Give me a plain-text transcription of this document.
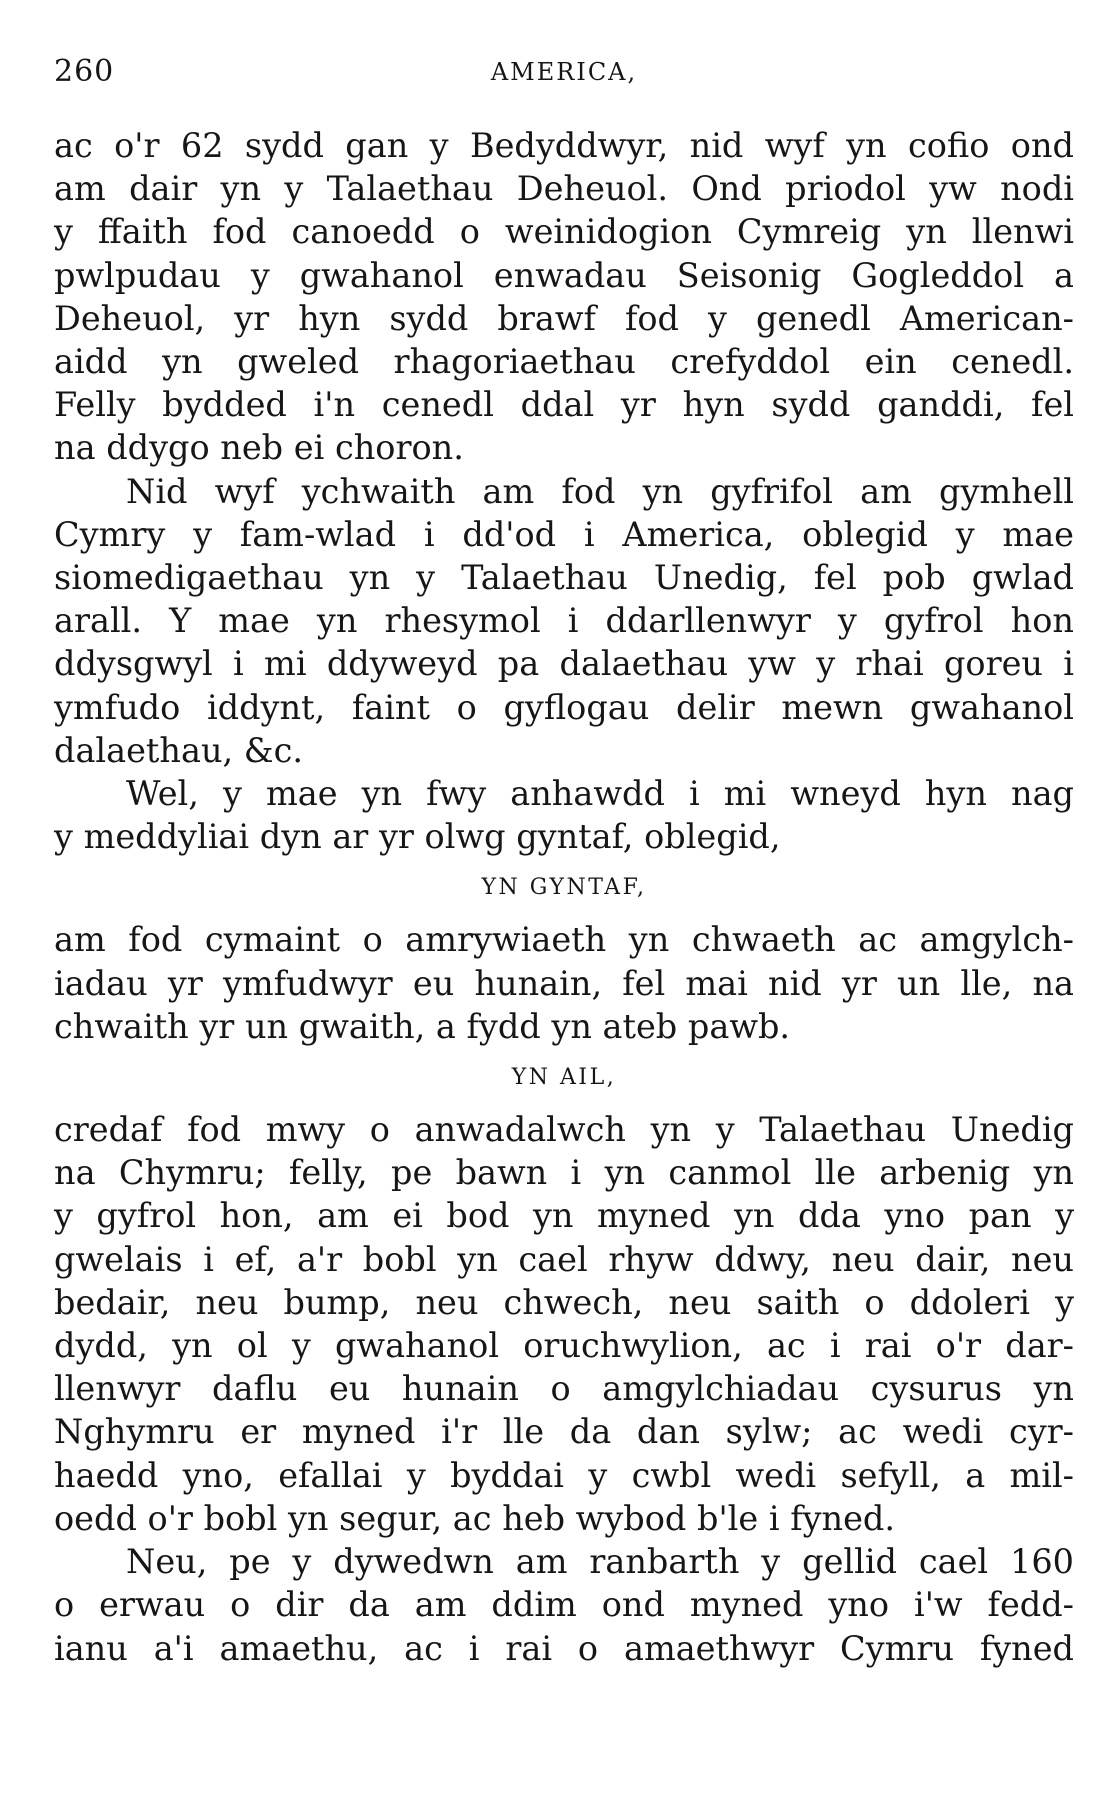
260	AMERICA,
ac o'r 62 sydd gan y Bedyddwyr, nid wyf yn cofio ond
am dair yn y Talaethau Deheuol. Ond priodol yw nodi
y ffaith fod canoedd o weinidogion Cymreig yn llenwi
pwlpudau y gwahanol enwadau Seisonig Gogleddol a
Deheuol, yr hyn sydd brawf fod y genedl American-
aidd yn gweled rhagoriaethau crefyddol ein cenedl.
Felly bydded i'n cenedl ddal yr hyn sydd ganddi, fel
na ddygo neb ei choron.
Nid wyf ychwaith am fod yn gyfrifol am gymhell
Cymry y fam-wlad i dd'od i America, oblegid y mae
siomedigaethau yn y Talaethau Unedig, fel pob gwlad
arall. Y mae yn rhesymol i ddarllenwyr y gyfrol hon
ddysgwyl i mi ddyweyd pa dalaethau yw y rhai goreu i
ymfudo iddynt, faint o gyflogau delir mewn gwahanol
dalaethau, &c.
Wel, y mae yn fwy anhawdd i mi wneyd hyn nag
y meddyliai dyn ar yr olwg gyntaf, oblegid,
YN GYNTAF,
am fod cymaint o amrywiaeth yn chwaeth ac amgylch-
iadau yr ymfudwyr eu hunain, fel mai nid yr un lle, na
chwaith yr un gwaith, a fydd yn ateb pawb.
YN AIL,
credaf fod mwy o anwadalwch yn y Talaethau Unedig
na Chymru; felly, pe bawn i yn canmol lle arbenig yn
y gyfrol hon, am ei bod yn myned yn dda yno pan y
gwelais i ef, a'r bobl yn cael rhyw ddwy, neu dair, neu
bedair, neu bump, neu chwech, neu saith o ddoleri y
dydd, yn ol y gwahanol oruchwylion, ac i rai o'r dar-
llenwyr daflu eu hunain o amgylchiadau cysurus yn
Nghymru er myned i'r lle da dan sylw; ac wedi cyr-
haedd yno, efallai y byddai y cwbl wedi sefyll, a mil-
oedd o'r bobl yn segur, ac heb wybod b'le i fyned.
Neu, pe y dywedwn am ranbarth y gellid cael 160
o erwau o dir da am ddim ond myned yno i'w fedd-
ianu a'i amaethu, ac i rai o amaethwyr Cymru fyned
